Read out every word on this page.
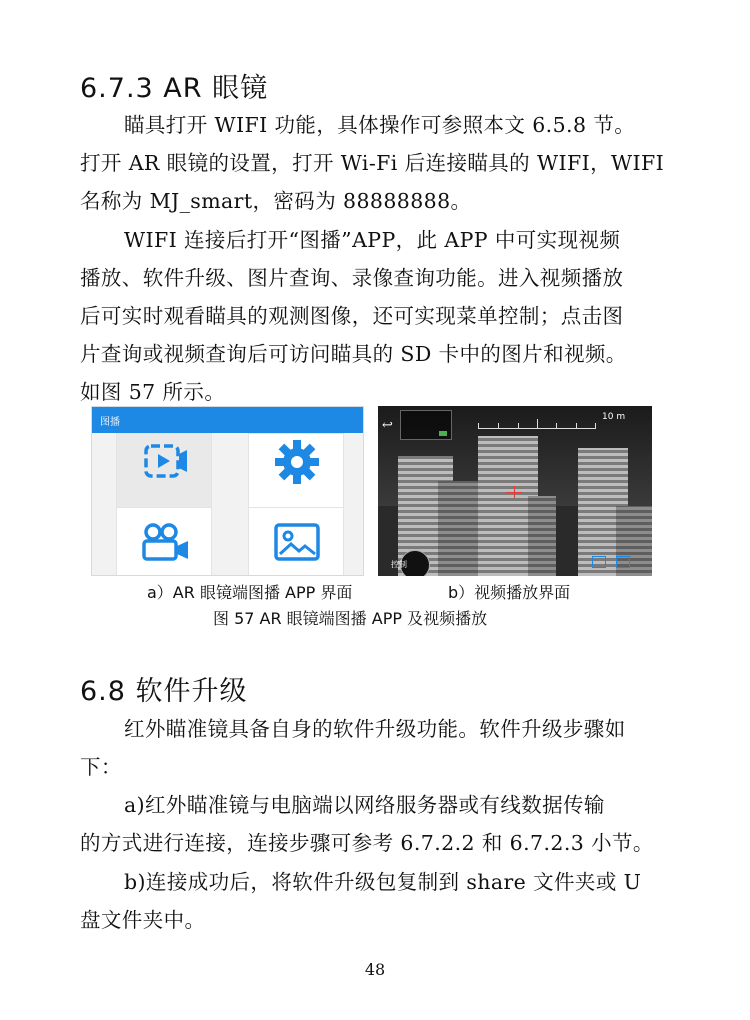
6.7.3 AR 眼镜
瞄具打开 WIFI 功能，具体操作可参照本文 6.5.8 节。
打开 AR 眼镜的设置，打开 Wi-Fi 后连接瞄具的 WIFI，WIFI
名称为 MJ_smart，密码为 88888888。
WIFI 连接后打开“图播”APP，此 APP 中可实现视频
播放、软件升级、图片查询、录像查询功能。进入视频播放
后可实时观看瞄具的观测图像，还可实现菜单控制；点击图
片查询或视频查询后可访问瞄具的 SD 卡中的图片和视频。
如图 57 所示。
图播	↩
10 m
控制
a）AR 眼镜端图播 APP 界面	b）视频播放界面
图 57 AR 眼镜端图播 APP 及视频播放
6.8 软件升级
红外瞄准镜具备自身的软件升级功能。软件升级步骤如
下：
a)红外瞄准镜与电脑端以网络服务器或有线数据传输
的方式进行连接，连接步骤可参考 6.7.2.2 和 6.7.2.3 小节。
b)连接成功后，将软件升级包复制到 share 文件夹或 U
盘文件夹中。
48
